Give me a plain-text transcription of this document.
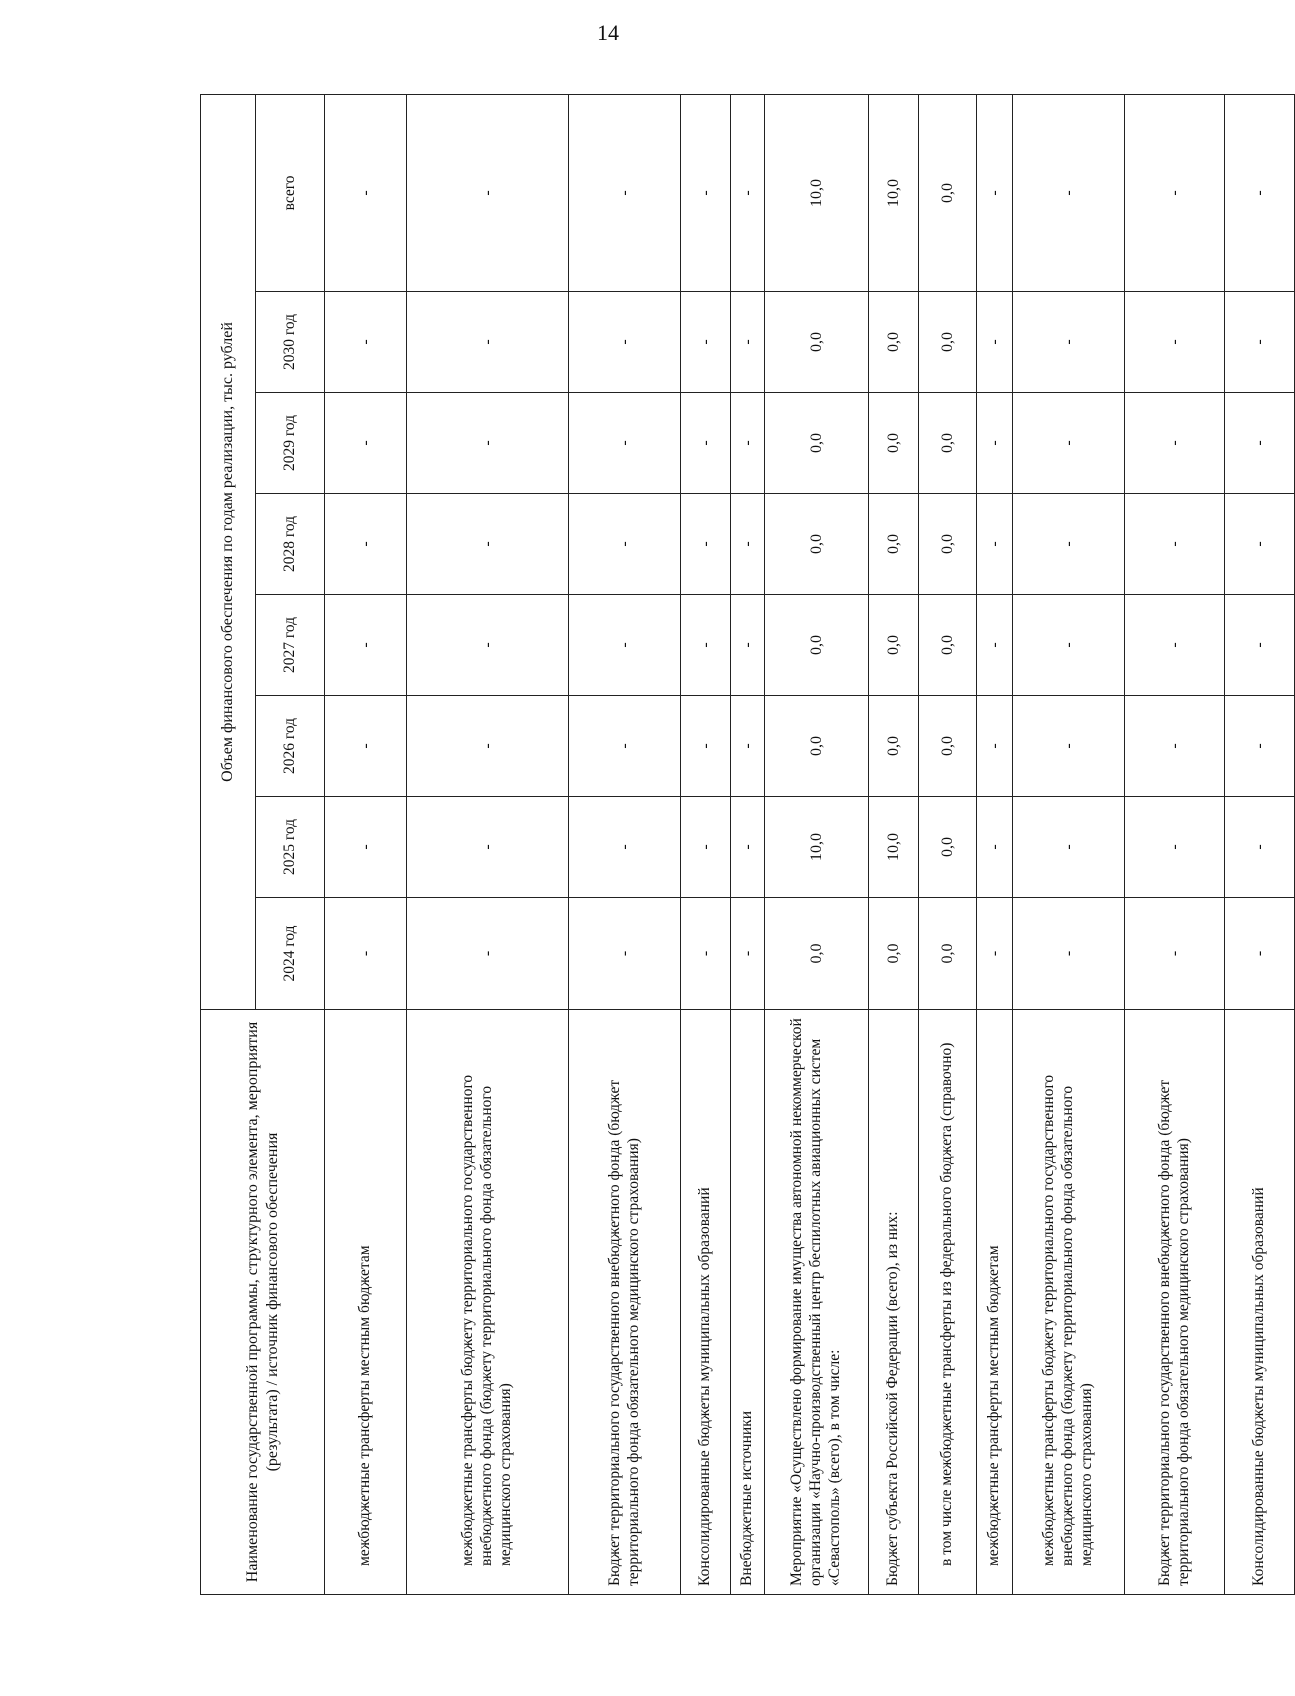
14
Наименование государственной программы, структурного элемента, мероприятия (результата) / источник финансового обеспечения	Объем финансового обеспечения по годам реализации, тыс. рублей							
	2024 год	2025 год	2026 год	2027 год	2028 год	2029 год	2030 год	всего
межбюджетные трансферты местным бюджетам	-	-	-	-	-	-	-	-
межбюджетные трансферты бюджету территориального государственного внебюджетного фонда (бюджету территориального фонда обязательного медицинского страхования)	-	-	-	-	-	-	-	-
Бюджет территориального государственного внебюджетного фонда (бюджет территориального фонда обязательного медицинского страхования)	-	-	-	-	-	-	-	-
Консолидированные бюджеты муниципальных образований	-	-	-	-	-	-	-	-
Внебюджетные источники	-	-	-	-	-	-	-	-
Мероприятие «Осуществлено формирование имущества автономной некоммерческой организации «Научно-производственный центр беспилотных авиационных систем «Севастополь» (всего), в том числе:	0,0	10,0	0,0	0,0	0,0	0,0	0,0	10,0
Бюджет субъекта Российской Федерации (всего), из них:	0,0	10,0	0,0	0,0	0,0	0,0	0,0	10,0
в том числе межбюджетные трансферты из федерального бюджета (справочно)	0,0	0,0	0,0	0,0	0,0	0,0	0,0	0,0
межбюджетные трансферты местным бюджетам	-	-	-	-	-	-	-	-
межбюджетные трансферты бюджету территориального государственного внебюджетного фонда (бюджету территориального фонда обязательного медицинского страхования)	-	-	-	-	-	-	-	-
Бюджет территориального государственного внебюджетного фонда (бюджет территориального фонда обязательного медицинского страхования)	-	-	-	-	-	-	-	-
Консолидированные бюджеты муниципальных образований	-	-	-	-	-	-	-	-
